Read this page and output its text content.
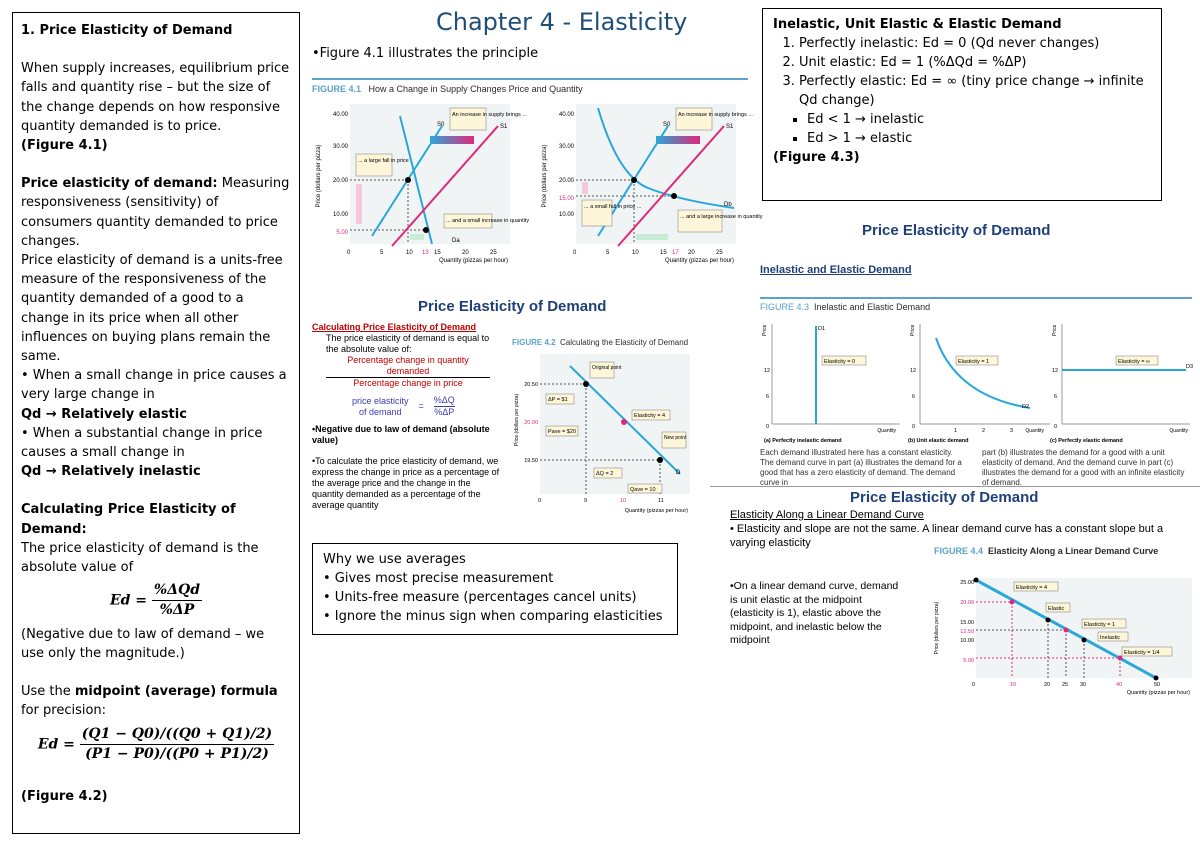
1. Price Elasticity of Demand

When supply increases, equilibrium price falls and quantity rise – but the size of the change depends on how responsive quantity demanded is to price.

(Figure 4.1)

Price elasticity of demand: Measuring responsiveness (sensitivity) of consumers quantity demanded to price changes.

Price elasticity of demand is a units-free measure of the responsiveness of the quantity demanded of a good to a change in its price when all other influences on buying plans remain the same.

• When a small change in price causes a very large change in

Qd → Relatively elastic

• When a substantial change in price causes a small change in

Qd → Relatively inelastic

Calculating Price Elasticity of Demand:

The price elasticity of demand is the absolute value of

$Ed = \frac{\text{\%ΔQd}}{\%\Delta P}$

(Negative due to law of demand – we use only the magnitude.)

Use the midpoint (average) formula for precision:

$Ed = \frac{(Q1 - Q0)/((Q0 + Q1)/2)}{(P1 - P0)/((P0 + P1)/2)}$

(Figure 4.2)

Chapter 4 - Elasticity
•Figure 4.1 illustrates the principle
FIGURE 4.1 How a Change in Supply Changes Price and Quantity
Price (dollars per pizza)
40.00
30.00
20.00
10.00
5.00
0	5	10 13 15	20	25
Quantity (pizzas per hour)
S0	S1
Da
... a large fall in price
An increase in supply brings ...
... and a small increase in quantity
Price (dollars per pizza)
40.00
30.00
20.00
15.00
10.00
0	5	10	15 17 20	25
Quantity (pizzas per hour)
S0	S1
Db
... a small fall in price ...
An increase in supply brings ...
... and a large increase in quantity
Price Elasticity of Demand
Calculating Price Elasticity of Demand
The price elasticity of demand is equal to the absolute value of:
Percentage change in quantity demanded
Percentage change in price
price elasticity
of demand
= $\frac{\%\Delta Q}{\%\Delta P}$
•Negative due to law of demand (absolute value)
•To calculate the price elasticity of demand, we express the change in price as a percentage of the average price and the change in the quantity demanded as a percentage of the average quantity
FIGURE 4.2 Calculating the Elasticity of Demand
Price (dollars per pizza)
20.50
20.00
19.50
0	9	10	11
Quantity (pizzas per hour)
ΔP = $1
Pave = $20
Original point
Elasticity = 4
New point
ΔQ = 2
Qave = 10
D
Why we use averages
• Gives most precise measurement
• Units-free measure (percentages cancel units)
• Ignore the minus sign when comparing elasticities
Inelastic, Unit Elastic & Elastic Demand
1. Perfectly inelastic: Ed = 0 (Qd never changes)
2. Unit elastic: Ed = 1 (%ΔQd = %ΔP)
3. Perfectly elastic: Ed = ∞ (tiny price change → infinite Qd change)
▪ Ed < 1 → inelastic
▪ Ed > 1 → elastic
(Figure 4.3)
Price Elasticity of Demand
Inelastic and Elastic Demand
FIGURE 4.3 Inelastic and Elastic Demand
Price	D1
Elasticity = 0
12
6
0
Quantity
(a) Perfectly inelastic demand
Price
D2
Elasticity = 1
12
6
0
1	2	3 Quantity
(b) Unit elastic demand
Price
D3
Elasticity = ∞
12
6
0
Quantity
(c) Perfectly elastic demand
Each demand illustrated here has a constant elasticity. The demand curve in part (a) illustrates the demand for a good that has a zero elasticity of demand. The demand curve in
part (b) illustrates the demand for a good with a unit elasticity of demand. And the demand curve in part (c) illustrates the demand for a good with an infinite elasticity of demand.
Price Elasticity of Demand
Elasticity Along a Linear Demand Curve
• Elasticity and slope are not the same. A linear demand curve has a constant slope but a varying elasticity
•On a linear demand curve, demand is unit elastic at the midpoint (elasticity is 1), elastic above the midpoint, and inelastic below the midpoint
FIGURE 4.4 Elasticity Along a Linear Demand Curve
Price (dollars per pizza)
25.00
20.00
15.00
12.50
10.00
5.00
0	10	20 25 30	40	50
Quantity (pizzas per hour)
Elasticity = 4
Elastic
Elasticity = 1
Inelastic
Elasticity = 1/4
